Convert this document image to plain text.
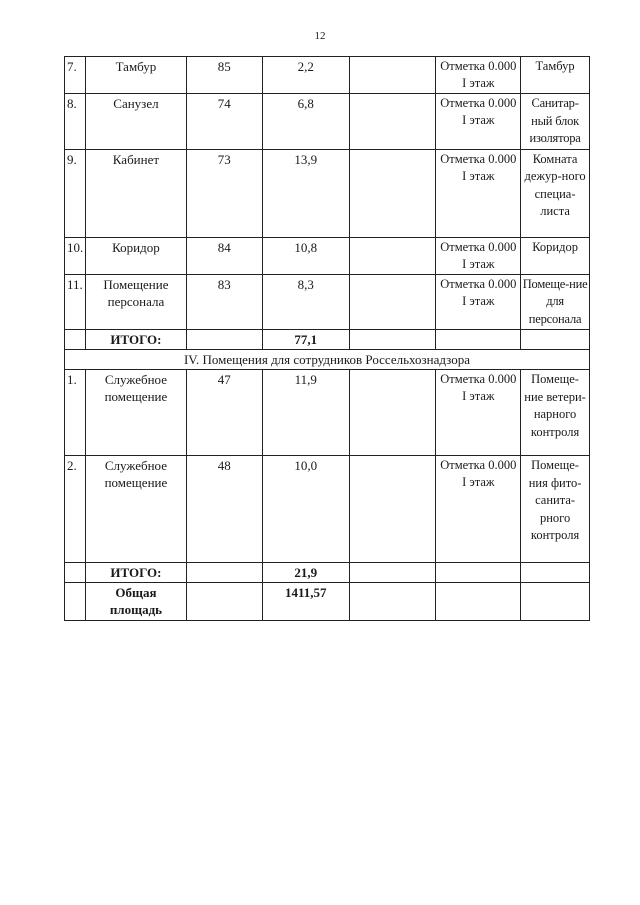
12
7.	Тамбур	85	2,2		Отметка 0.000 I этаж	Тамбур
8.	Санузел	74	6,8		Отметка 0.000 I этаж	Санитар-ный блок изолятора
9.	Кабинет	73	13,9		Отметка 0.000 I этаж	Комната дежур-ного специа-листа
10.	Коридор	84	10,8		Отметка 0.000 I этаж	Коридор
11.	Помещение персонала	83	8,3		Отметка 0.000 I этаж	Помеще-ние для персонала
	ИТОГО:		77,1			
IV. Помещения для сотрудников Россельхознадзора						
1.	Служебное помещение	47	11,9		Отметка 0.000 I этаж	Помеще-ние ветери-нарного контроля
2.	Служебное помещение	48	10,0		Отметка 0.000 I этаж	Помеще-ния фито-санита-рного контроля
	ИТОГО:		21,9			
	Общая площадь		1411,57			
